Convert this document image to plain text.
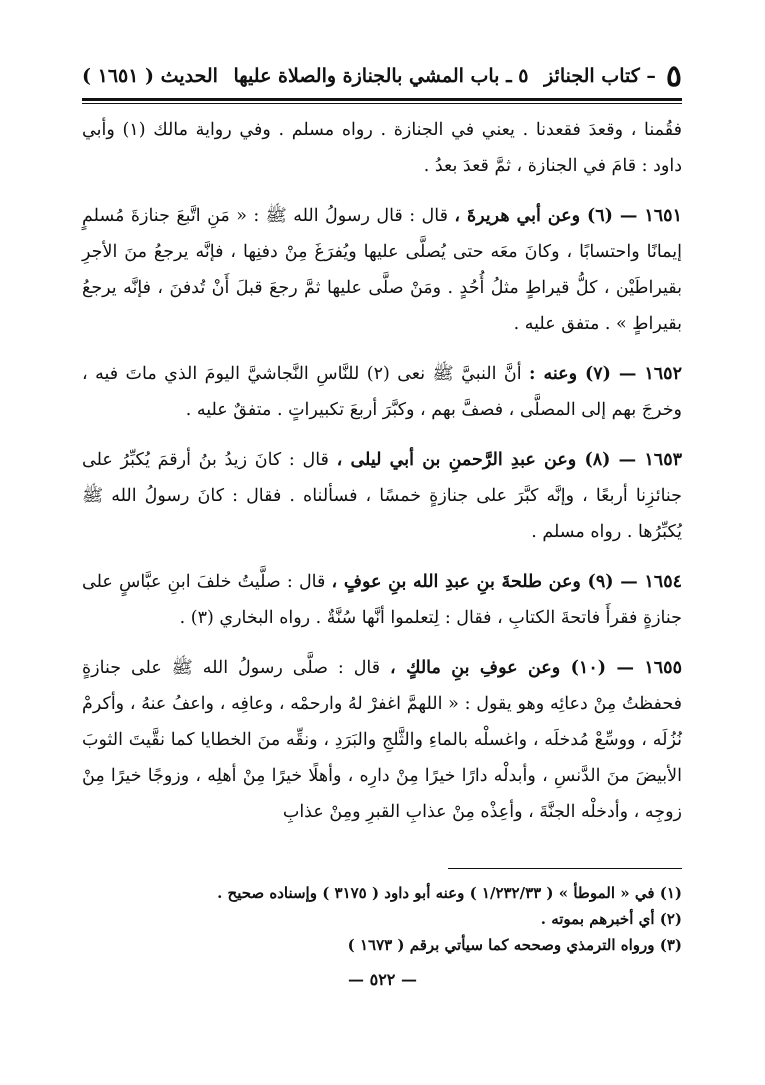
٥
– كتاب الجنائز
٥ ـ باب المشي بالجنازة والصلاة عليها
الحديث ( ١٦٥١ )

فقُمنا ، وقعدَ فقعدنا . يعني في الجنازة . رواه مسلم . وفي رواية مالك (١) وأبي داود : قامَ في الجنازة ، ثمَّ قعدَ بعدُ .

١٦٥١ — (٦) وعن أبي هريرةَ ، قال : قال رسولُ الله ﷺ : « مَنِ اتَّبعَ جنازةَ مُسلمٍ إيمانًا واحتسابًا ، وكانَ معَه حتى يُصلَّى عليها ويُفرَغَ مِنْ دفنِها ، فإنَّه يرجعُ منَ الأجرِ بقيراطَيْن ، كلُّ قيراطٍ مثلُ أُحُدٍ . ومَنْ صلَّى عليها ثمَّ رجعَ قبلَ أَنْ تُدفنَ ، فإنَّه يرجعُ بقيراطٍ » . متفق عليه .

١٦٥٢ — (٧) وعنه : أنَّ النبيَّ ﷺ نعى (٢) للنَّاسِ النَّجاشيَّ اليومَ الذي ماتَ فيه ، وخرجَ بهم إلى المصلَّى ، فصفَّ بهم ، وكبَّرَ أربعَ تكبيراتٍ . متفقٌ عليه .

١٦٥٣ — (٨) وعن عبدِ الرَّحمنِ بن أبي ليلى ، قال : كانَ زيدُ بنُ أرقمَ يُكبِّرُ على جنائزِنا أربعًا ، وإنَّه كبَّرَ على جنازةٍ خمسًا ، فسألناه . فقال : كانَ رسولُ الله ﷺ يُكبِّرُها . رواه مسلم .

١٦٥٤ — (٩) وعن طلحةَ بنِ عبدِ الله بنِ عوفٍ ، قال : صلَّيتُ خلفَ ابنِ عبَّاسٍ على جنازةٍ فقرأَ فاتحةَ الكتابِ ، فقال : لِتعلموا أنَّها سُنَّةٌ . رواه البخاري (٣) .

١٦٥٥ — (١٠) وعن عوفِ بنِ مالكٍ ، قال : صلَّى رسولُ الله ﷺ على جنازةٍ فحفظتُ مِنْ دعائِه وهو يقول : « اللهمَّ اغفرْ لهُ وارحمْه ، وعافِه ، واعفُ عنهُ ، وأكرمْ نُزُلَه ، ووسِّعْ مُدخلَه ، واغسلْه بالماءِ والثَّلجِ والبَرَدِ ، ونقِّه منَ الخطايا كما نقَّيتَ الثوبَ الأبيضَ منَ الدَّنسِ ، وأبدلْه دارًا خيرًا مِنْ دارِه ، وأهلًا خيرًا مِنْ أهلِه ، وزوجًا خيرًا مِنْ زوجِه ، وأدخلْه الجنَّةَ ، وأعِذْه مِنْ عذابِ القبرِ ومِنْ عذابِ

(١) في « الموطأ » ( ١/٢٣٢/٣٣ ) وعنه أبو داود ( ٣١٧٥ ) وإسناده صحيح .
(٢) أي أخبرهم بموته .
(٣) ورواه الترمذي وصححه كما سيأتي برقم ( ١٦٧٣ )
— ٥٢٢ —
